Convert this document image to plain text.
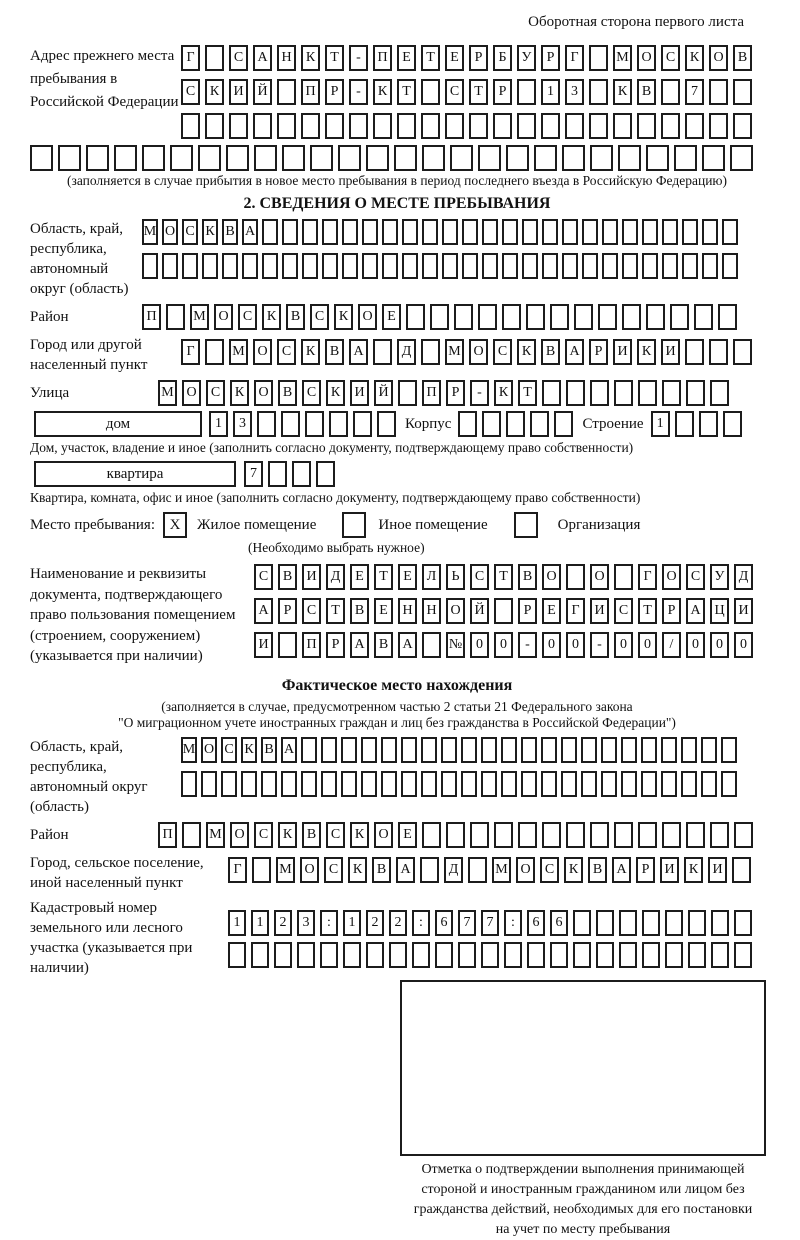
Оборотная сторона первого листа
Адрес прежнего места пребывания в Российской Федерации
Г	С	А Н	К	Т	-	П	Е	Т	Е	Р	Б	У	Р	Г	М О	С	К	О	В
С	К	И Й	П	Р	-	К	Т	С	Т	Р	1	3	К	В	7
(заполняется в случае прибытия в новое место пребывания в период последнего въезда в Российскую Федерацию)
2. СВЕДЕНИЯ О МЕСТЕ ПРЕБЫВАНИЯ
Область, край, республика, автономный округ (область)
М О С К В А
Район	П	М О	С	К	В	С	К	О	Е
Город или другой населенный пункт
Г	М О	С	К	В	А	Д	М О	С	К	В	А	Р	И	К	И
Улица	М О	С	К	О	В	С	К	И Й	П	Р	-	К	Т
дом	1	3	Корпус	Строение 1
Дом, участок, владение и иное (заполнить согласно документу, подтверждающему право собственности)
квартира	7
Квартира, комната, офис и иное (заполнить согласно документу, подтверждающему право собственности)
Место пребывания: X	Жилое помещение	Иное помещение	Организация
(Необходимо выбрать нужное)
Наименование и реквизиты документа, подтверждающего право пользования помещением (строением, сооружением) (указывается при наличии)
С	В	И	Д	Е	Т	Е	Л	Ь	С	Т	В	О	О	Г	О	С	У	Д
А	Р	С	Т	В	Е	Н Н О Й	Р	Е	Г	И	С	Т	Р	А Ц И
И	П	Р	А	В	А	№ 0	0	-	0	0	-	0	0	/	0	0	0
Фактическое место нахождения
(заполняется в случае, предусмотренном частью 2 статьи 21 Федерального закона
"О миграционном учете иностранных граждан и лиц без гражданства в Российской Федерации")
Область, край, республика, автономный округ (область)
М О С К В А
Район	П	М О	С	К	В	С	К	О	Е
Город, сельское поселение, иной населенный пункт
Г	М О	С	К	В	А	Д	М О	С	К	В	А	Р	И	К	И
Кадастровый номер земельного или лесного участка (указывается при наличии)
1	1	2	3	:	1	2	2	:	6	7	7	:	6	6
Отметка о подтверждении выполнения принимающей
стороной и иностранным гражданином или лицом без
гражданства действий, необходимых для его постановки
на учет по месту пребывания
